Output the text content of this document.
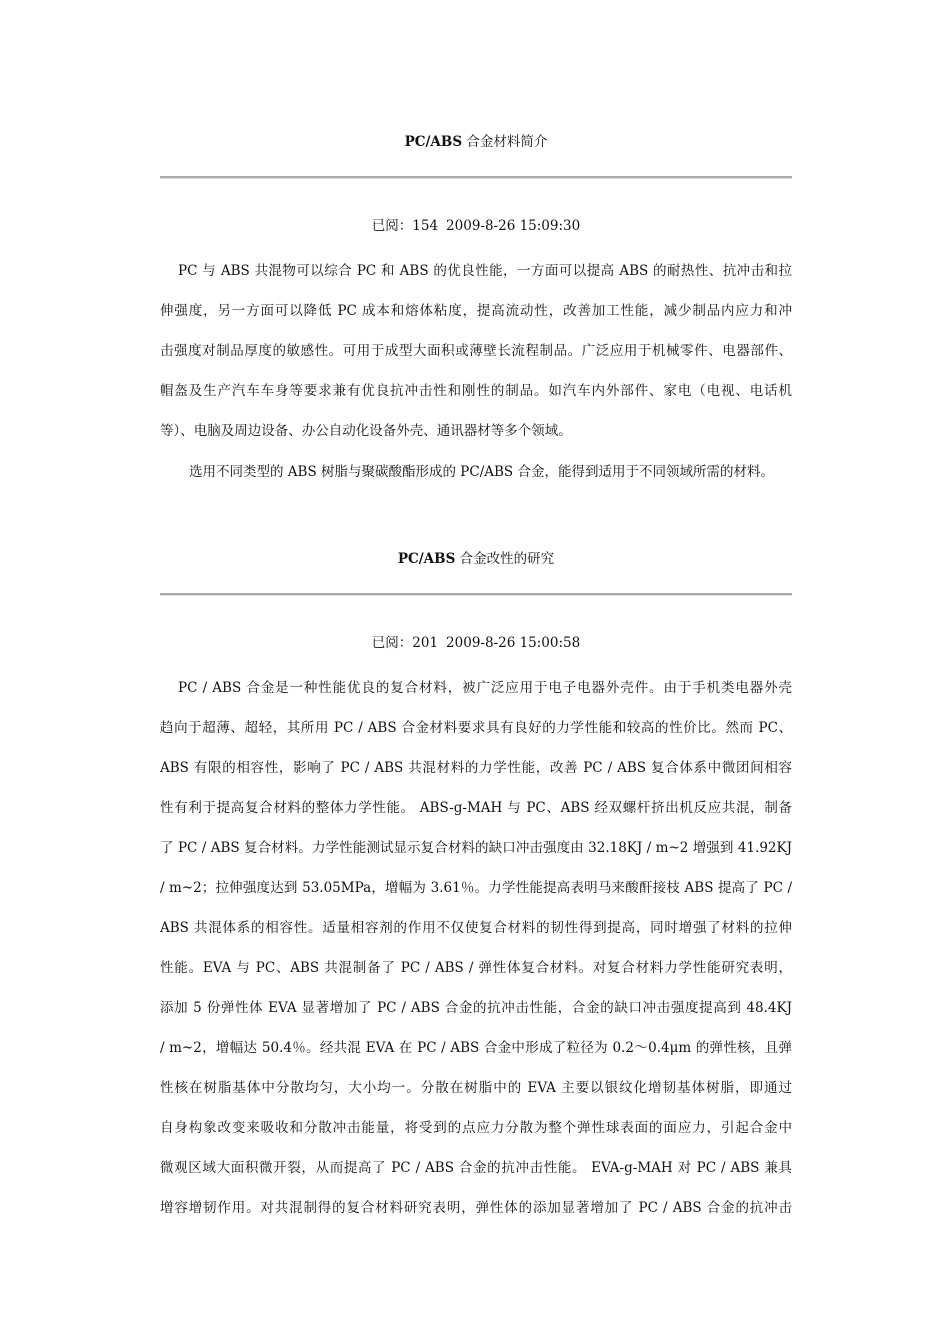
PC/ABS 合金材料简介
已阅：154 2009-8-26 15:09:30
PC 与 ABS 共混物可以综合 PC 和 ABS 的优良性能，一方面可以提高 ABS 的耐热性、抗冲击和拉
伸强度，另一方面可以降低 PC 成本和熔体粘度，提高流动性，改善加工性能，减少制品内应力和冲
击强度对制品厚度的敏感性。可用于成型大面积或薄壁长流程制品。广泛应用于机械零件、电器部件、
帽盔及生产汽车车身等要求兼有优良抗冲击性和刚性的制品。如汽车内外部件、家电（电视、电话机
等）、电脑及周边设备、办公自动化设备外壳、通讯器材等多个领域。
选用不同类型的 ABS 树脂与聚碳酸酯形成的 PC/ABS 合金，能得到适用于不同领域所需的材料。
PC/ABS 合金改性的研究
已阅：201 2009-8-26 15:00:58
PC / ABS 合金是一种性能优良的复合材料，被广泛应用于电子电器外壳件。由于手机类电器外壳
趋向于超薄、超轻，其所用 PC / ABS 合金材料要求具有良好的力学性能和较高的性价比。然而 PC、
ABS 有限的相容性，影响了 PC / ABS 共混材料的力学性能，改善 PC / ABS 复合体系中微团间相容
性有利于提高复合材料的整体力学性能。 ABS-g-MAH 与 PC、ABS 经双螺杆挤出机反应共混，制备
了 PC / ABS 复合材料。力学性能测试显示复合材料的缺口冲击强度由 32.18KJ / m~2 增强到 41.92KJ
/ m~2；拉伸强度达到 53.05MPa，增幅为 3.61％。力学性能提高表明马来酸酐接枝 ABS 提高了 PC /
ABS 共混体系的相容性。适量相容剂的作用不仅使复合材料的韧性得到提高，同时增强了材料的拉伸
性能。EVA 与 PC、ABS 共混制备了 PC / ABS / 弹性体复合材料。对复合材料力学性能研究表明，
添加 5 份弹性体 EVA 显著增加了 PC / ABS 合金的抗冲击性能，合金的缺口冲击强度提高到 48.4KJ
/ m~2，增幅达 50.4％。经共混 EVA 在 PC / ABS 合金中形成了粒径为 0.2～0.4μm 的弹性核，且弹
性核在树脂基体中分散均匀，大小均一。分散在树脂中的 EVA 主要以银纹化增韧基体树脂，即通过
自身构象改变来吸收和分散冲击能量，将受到的点应力分散为整个弹性球表面的面应力，引起合金中
微观区域大面积微开裂，从而提高了 PC / ABS 合金的抗冲击性能。 EVA-g-MAH 对 PC / ABS 兼具
增容增韧作用。对共混制得的复合材料研究表明，弹性体的添加显著增加了 PC / ABS 合金的抗冲击
